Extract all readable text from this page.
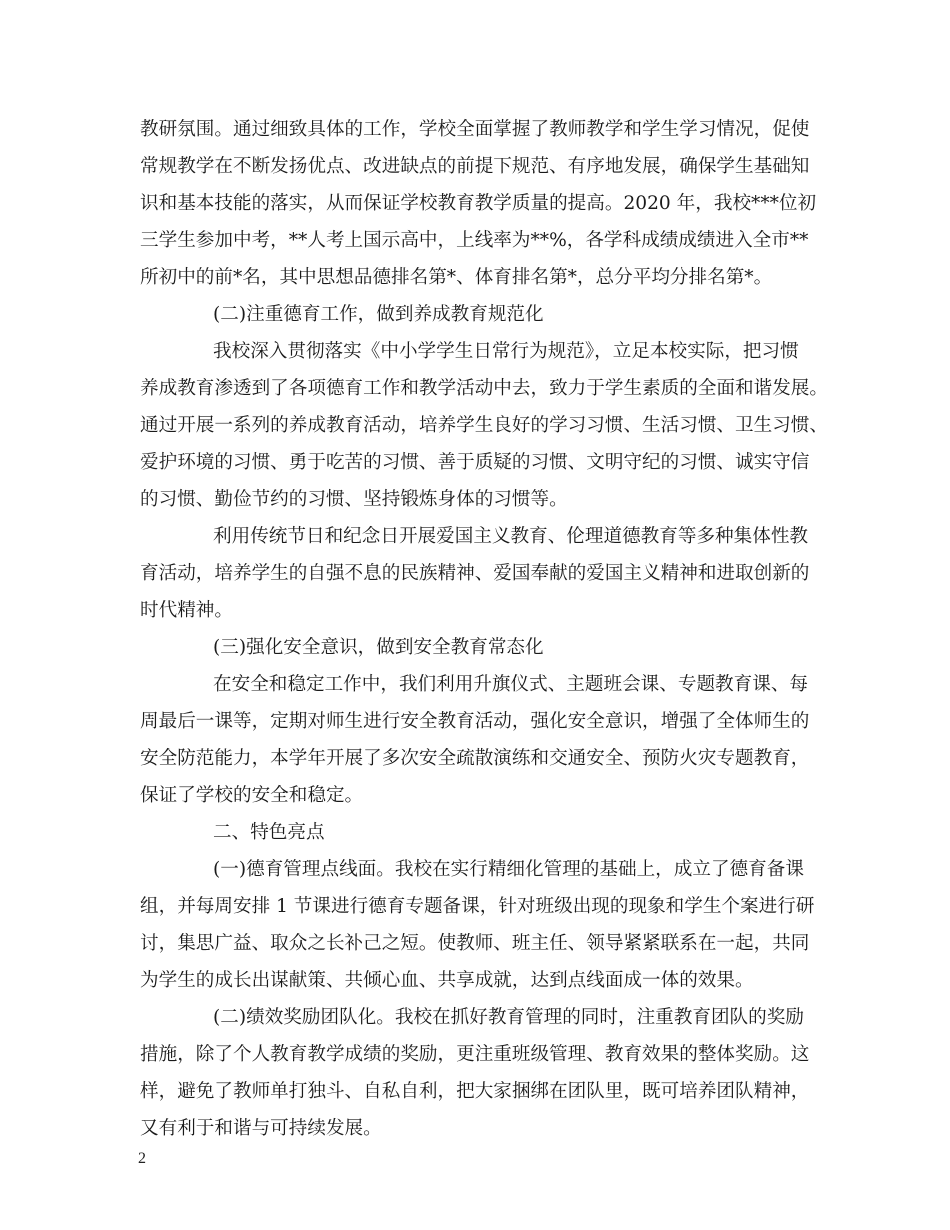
教研氛围。通过细致具体的工作，学校全面掌握了教师教学和学生学习情况，促使
常规教学在不断发扬优点、改进缺点的前提下规范、有序地发展，确保学生基础知
识和基本技能的落实，从而保证学校教育教学质量的提高。2020 年，我校***位初
三学生参加中考，**人考上国示高中，上线率为**%，各学科成绩成绩进入全市**
所初中的前*名，其中思想品德排名第*、体育排名第*，总分平均分排名第*。
(二)注重德育工作，做到养成教育规范化
我校深入贯彻落实《中小学学生日常行为规范》，立足本校实际，把习惯
养成教育渗透到了各项德育工作和教学活动中去，致力于学生素质的全面和谐发展。
通过开展一系列的养成教育活动，培养学生良好的学习习惯、生活习惯、卫生习惯、
爱护环境的习惯、勇于吃苦的习惯、善于质疑的习惯、文明守纪的习惯、诚实守信
的习惯、勤俭节约的习惯、坚持锻炼身体的习惯等。
利用传统节日和纪念日开展爱国主义教育、伦理道德教育等多种集体性教
育活动，培养学生的自强不息的民族精神、爱国奉献的爱国主义精神和进取创新的
时代精神。
(三)强化安全意识，做到安全教育常态化
在安全和稳定工作中，我们利用升旗仪式、主题班会课、专题教育课、每
周最后一课等，定期对师生进行安全教育活动，强化安全意识，增强了全体师生的
安全防范能力，本学年开展了多次安全疏散演练和交通安全、预防火灾专题教育，
保证了学校的安全和稳定。
二、特色亮点
(一)德育管理点线面。我校在实行精细化管理的基础上，成立了德育备课
组，并每周安排 1 节课进行德育专题备课，针对班级出现的现象和学生个案进行研
讨，集思广益、取众之长补己之短。使教师、班主任、领导紧紧联系在一起，共同
为学生的成长出谋献策、共倾心血、共享成就，达到点线面成一体的效果。
(二)绩效奖励团队化。我校在抓好教育管理的同时，注重教育团队的奖励
措施，除了个人教育教学成绩的奖励，更注重班级管理、教育效果的整体奖励。这
样，避免了教师单打独斗、自私自利，把大家捆绑在团队里，既可培养团队精神，
又有利于和谐与可持续发展。
2
